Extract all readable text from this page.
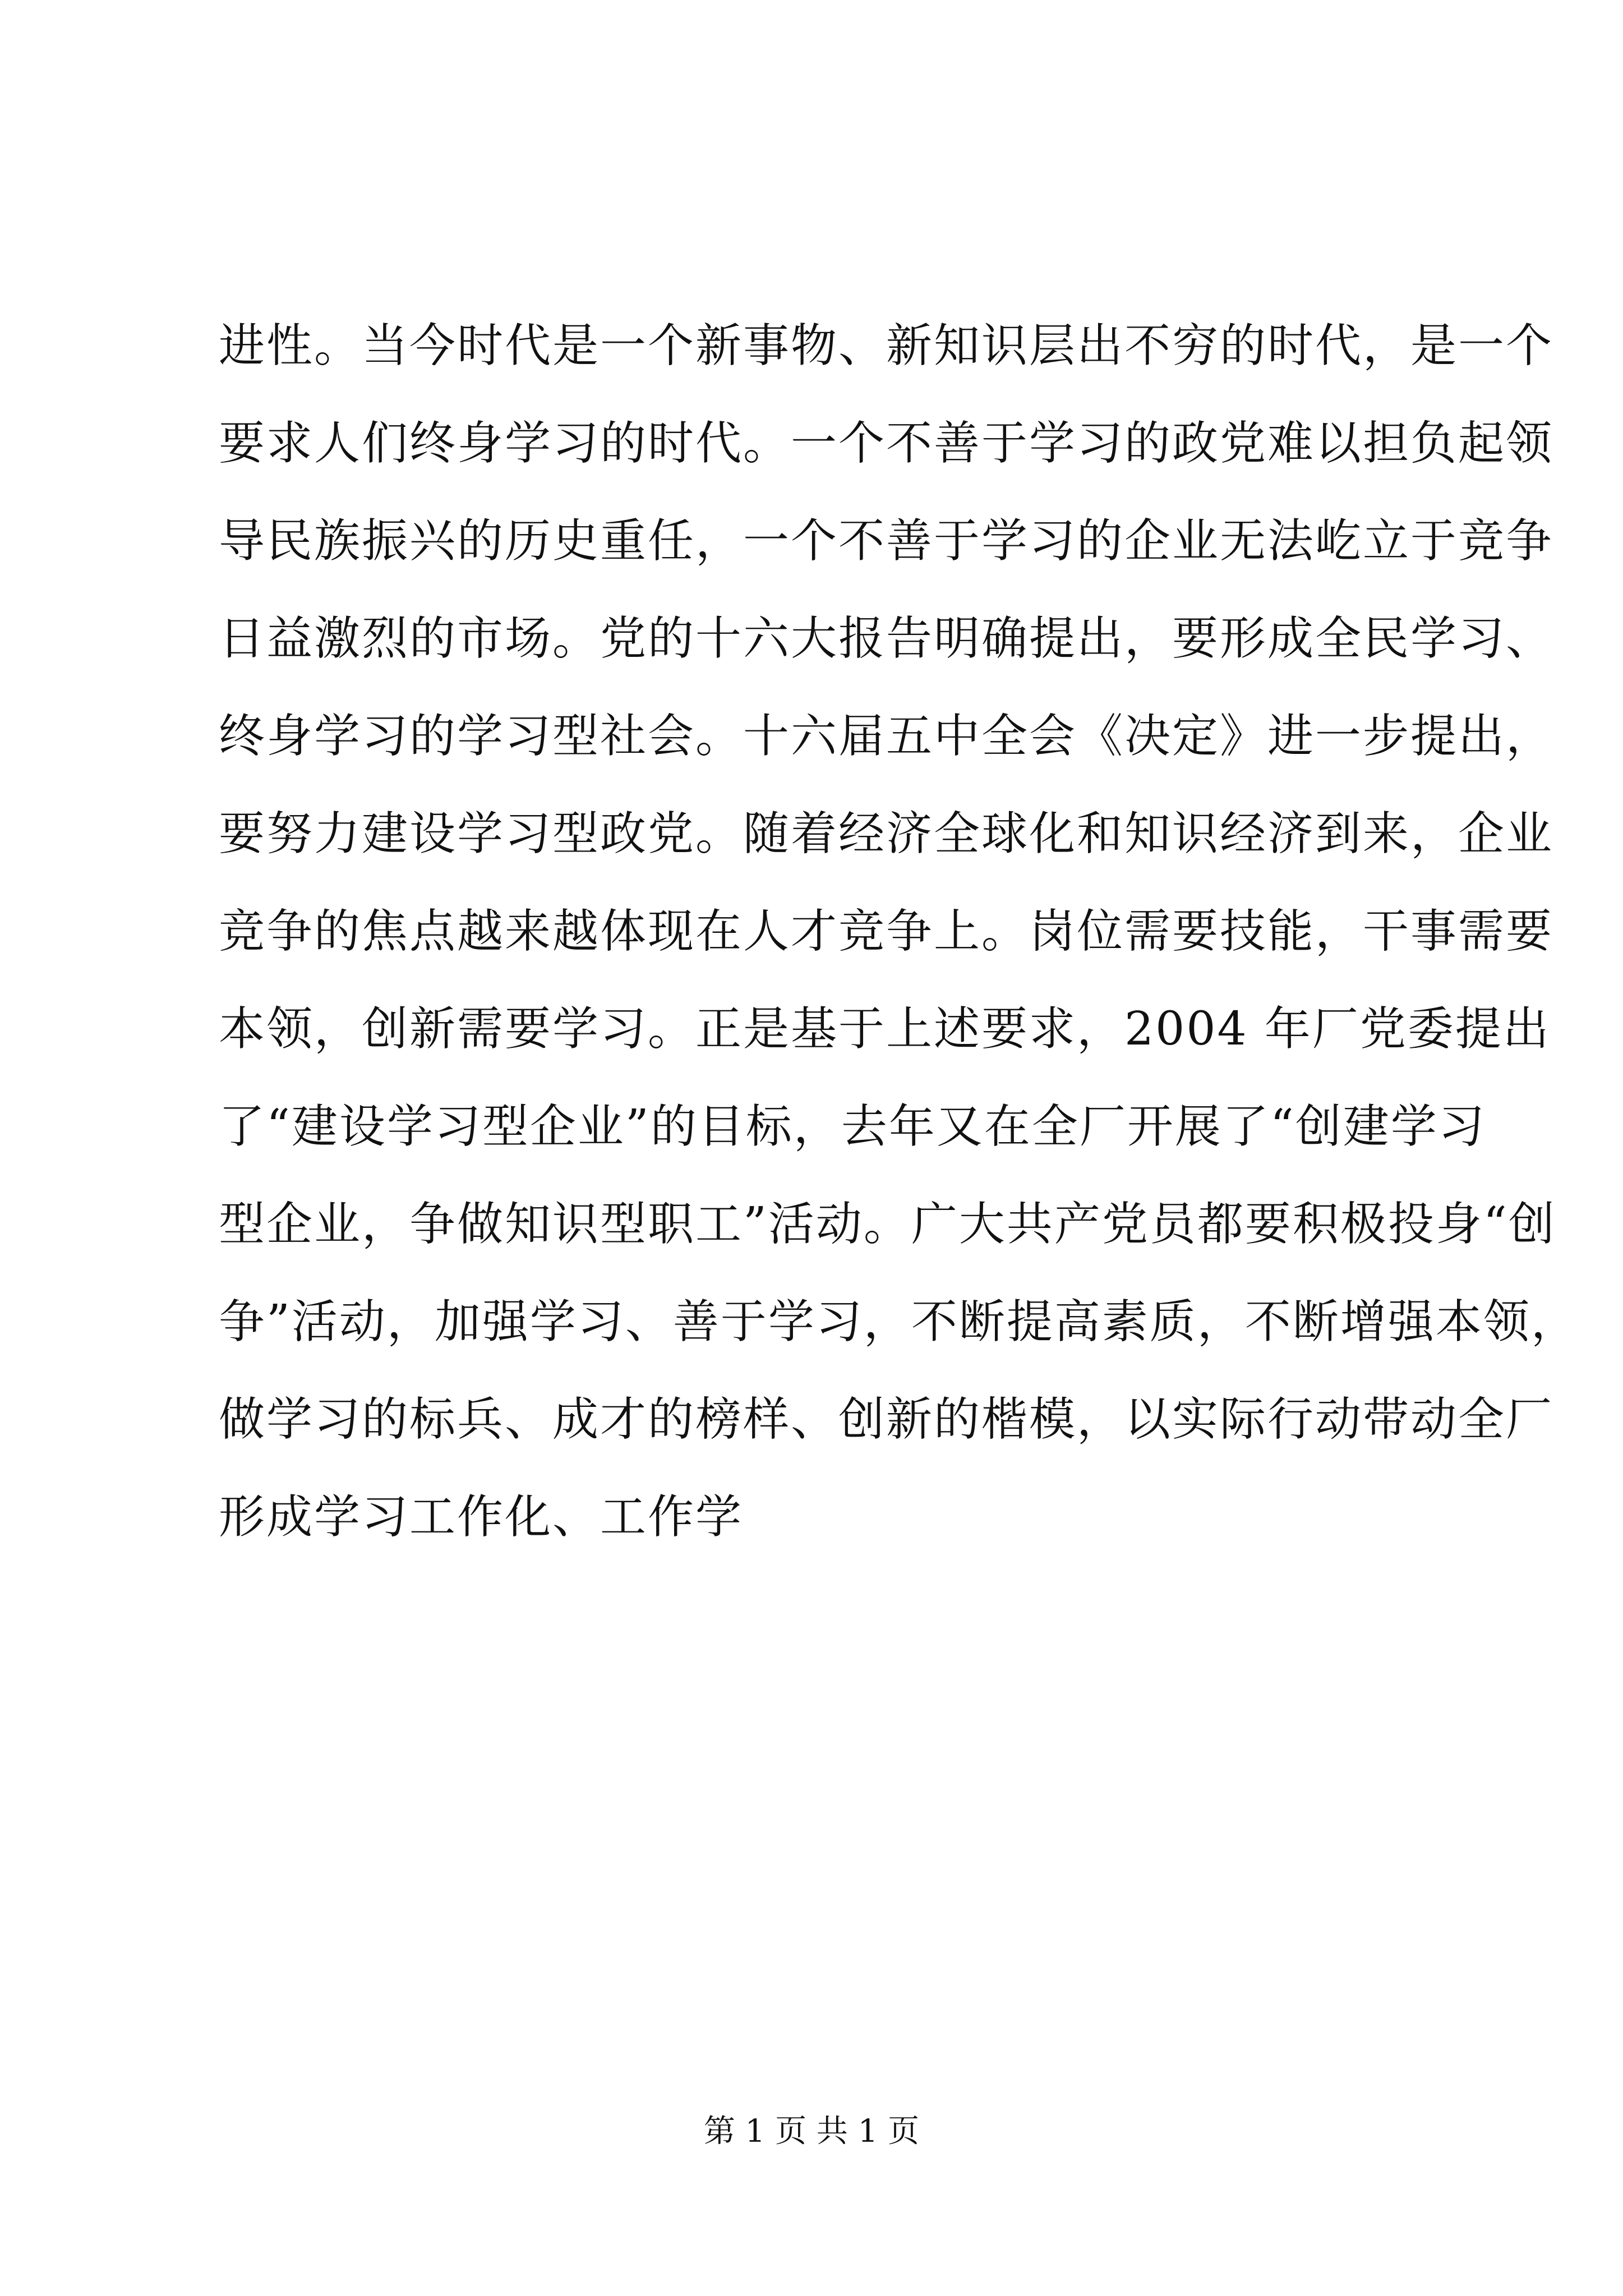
进性。当今时代是一个新事物、新知识层出不穷的时代，是一个
要求人们终身学习的时代。一个不善于学习的政党难以担负起领
导民族振兴的历史重任，一个不善于学习的企业无法屹立于竞争
日益激烈的市场。党的十六大报告明确提出，要形成全民学习、
终身学习的学习型社会。十六届五中全会《决定》进一步提出，
要努力建设学习型政党。随着经济全球化和知识经济到来，企业
竞争的焦点越来越体现在人才竞争上。岗位需要技能，干事需要
本领，创新需要学习。正是基于上述要求，2004 年厂党委提出
了“建设学习型企业”的目标，去年又在全厂开展了“创建学习
型企业，争做知识型职工”活动。广大共产党员都要积极投身“创
争”活动，加强学习、善于学习，不断提高素质，不断增强本领，
做学习的标兵、成才的榜样、创新的楷模，以实际行动带动全厂
形成学习工作化、工作学
第 1 页 共 1 页
